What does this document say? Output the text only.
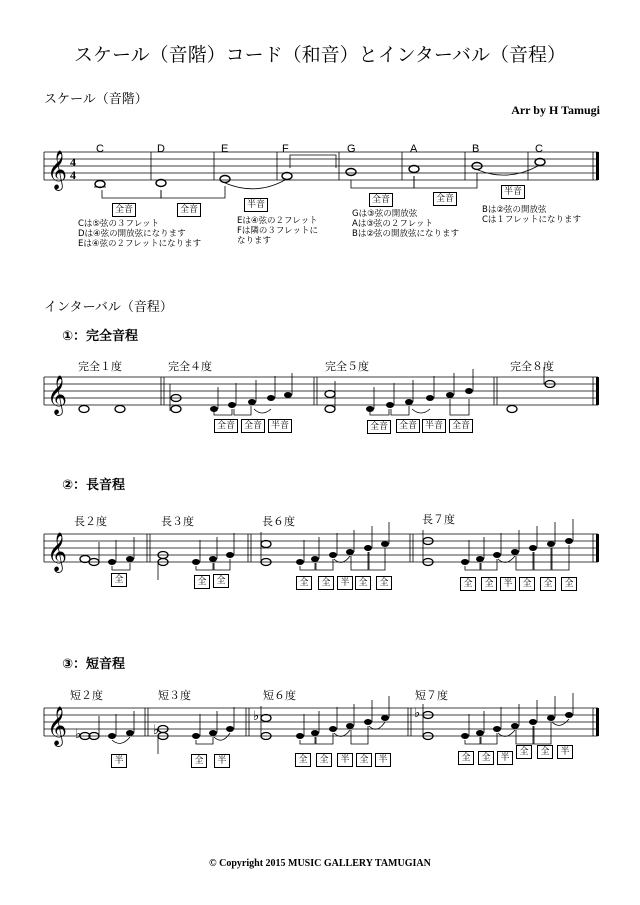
スケール（音階）コード（和音）とインターバル（音程）
スケール（音階）
Arr by H Tamugi
C	D	E	F	G	A	B	C
𝄞 4
4
全音	全音	半音	全音	全音
半音
Cは⑤弦の３フレット
Dは④弦の開放弦になります
Eは④弦の２フレットになります
Eは④弦の２フレット
Fは隣の３フレットに
なります
Gは③弦の開放弦
Aは③弦の２フレット
Bは②弦の開放弦になります
Bは②弦の開放弦
Cは１フレットになります
インターバル（音程）
①：完全音程
完全１度	完全４度	完全５度	完全８度
𝄞
全音 全音 半音	全音	全音 半音 全音
②：長音程
長２度	長３度	長６度	長７度
𝄞
全	全	全	全	全	半 全	全	全	全	半	全	全	全
③：短音程
短２度	短３度	短６度	短７度
𝄞 ♭	♭
♭	♭
半	全	半	全	全	半	全	半	全	全	半
全	全	半
© Copyright 2015 MUSIC GALLERY TAMUGIAN
